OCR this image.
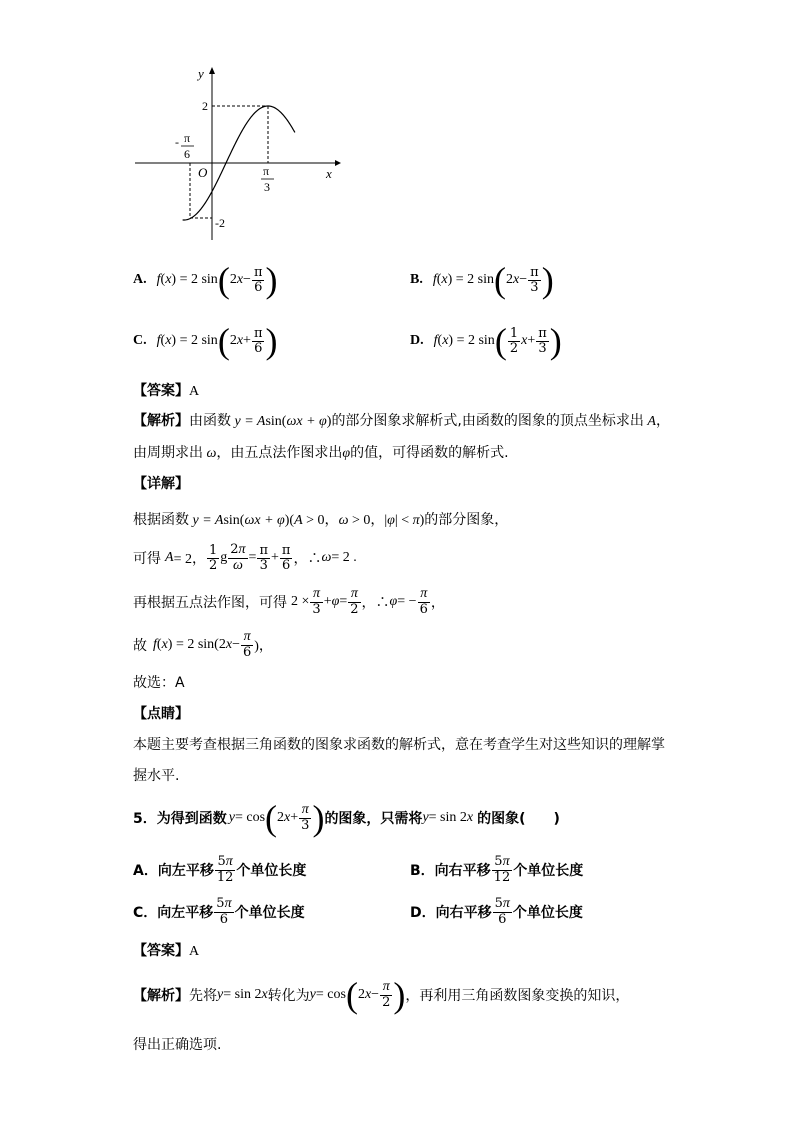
y
x
O
2
-2
- π
6
π
3
A. f ( x ) = 2 sin ( 2 $x - \frac{\pi}{6}$ )	B. f ( x ) = 2 sin ( 2 $x - \frac{\pi}{3}$ )
C. f ( x ) = 2 sin ( 2 $x + \frac{\pi}{6}$ )	D. f ( x ) = 2 sin ( $\frac{1}{2}$ $x + \frac{\pi}{3}$ )
【答案】A
【解析】由函数 y = Asin(ωx + φ)的部分图象求解析式,由函数的图象的顶点坐标求出 A，
由周期求出 ω，由五点法作图求出φ的值，可得函数的解析式.
【详解】
根据函数 y = Asin(ωx + φ)(A > 0，ω > 0，|φ| < π)的部分图象，
可得 A = 2， $\frac{1}{2}$ g $\frac{2\pi}{\omega} = \frac{\pi}{3} + \frac{\pi}{6}$ ，∴ ω = 2 .
再根据五点法作图，可得 $2 \times \frac{\pi}{3} + \varphi = \frac{\pi}{2}$ ，∴ φ = − $\frac{\pi}{6}$ ，
故 f ( x ) = 2 sin(2 $x - \frac{\pi}{6}$ )，
故选：A
【点睛】
本题主要考查根据三角函数的图象求函数的解析式，意在考查学生对这些知识的理解掌
握水平.
5．为得到函数 y = cos ( 2 $x + \frac{\pi}{3}$ ) 的图象，只需将 y = sin 2 x 的图象(　　)
A．向左平移 $\frac{5\pi}{12}$ 个单位长度	B．向右平移 $\frac{5\pi}{12}$ 个单位长度
C．向左平移 $\frac{5\pi}{6}$ 个单位长度	D．向右平移 $\frac{5\pi}{6}$ 个单位长度
【答案】A
【解析】 先将 y = sin 2 x 转化为 y = cos ( 2 $x - \frac{\pi}{2}$ ) ，再利用三角函数图象变换的知识，
得出正确选项.
